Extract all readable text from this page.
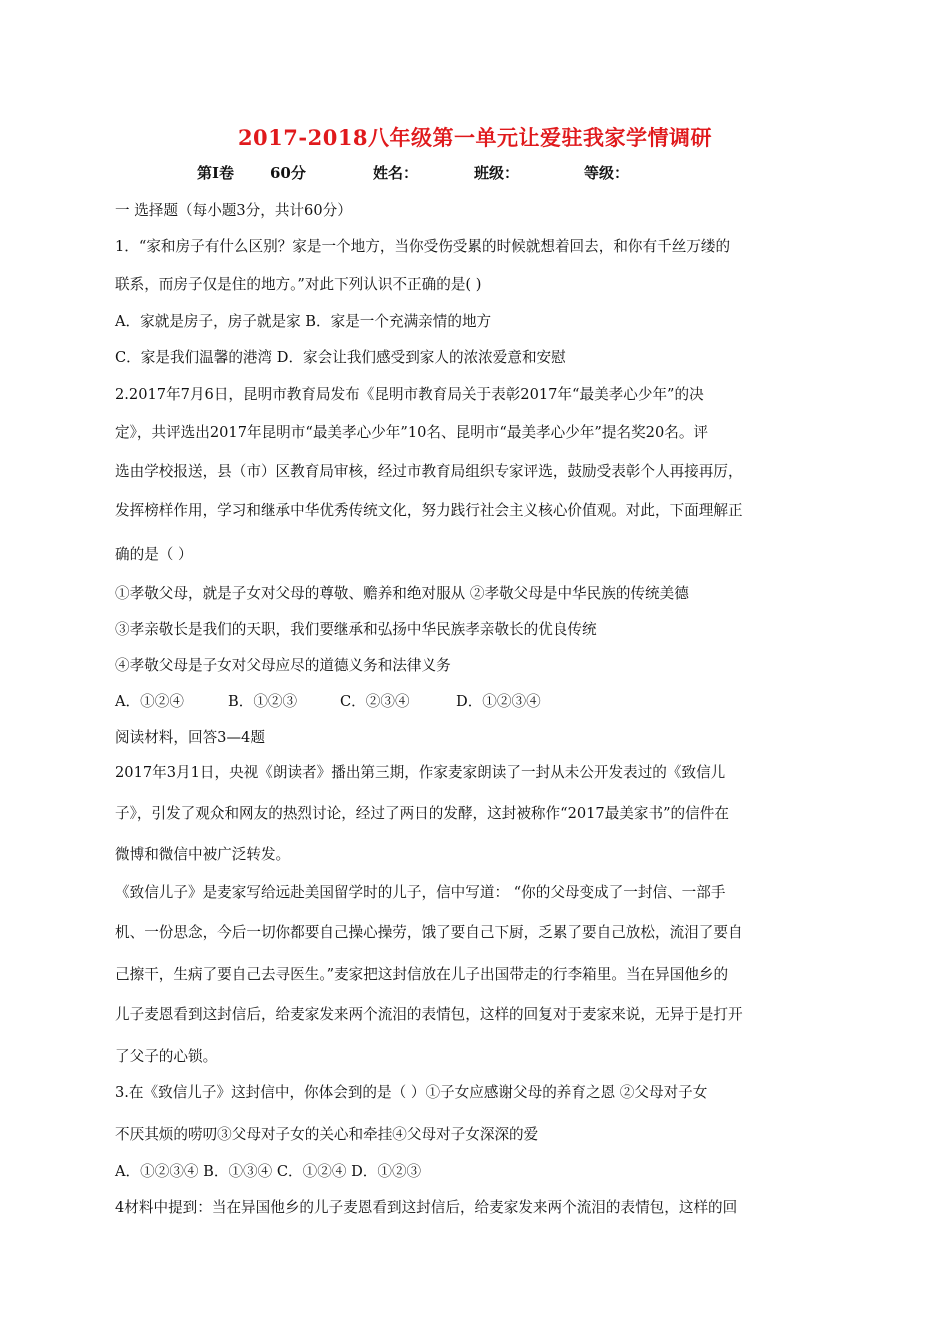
2017-2018八年级第一单元让爱驻我家学情调研

第I卷

60分

	姓名：

	班级：

	等级：

一 选择题（每小题3分，共计60分）
1．“家和房子有什么区别？家是一个地方，当你受伤受累的时候就想着回去，和你有千丝万缕的
联系，而房子仅是住的地方。”对此下列认识不正确的是( )
A．家就是房子，房子就是家 B．家是一个充满亲情的地方
C．家是我们温馨的港湾 D．家会让我们感受到家人的浓浓爱意和安慰
2.2017年7月6日，昆明市教育局发布《昆明市教育局关于表彰2017年“最美孝心少年”的决
定》，共评选出2017年昆明市“最美孝心少年”10名、昆明市“最美孝心少年”提名奖20名。评
选由学校报送，县（市）区教育局审核，经过市教育局组织专家评选，鼓励受表彰个人再接再厉，
发挥榜样作用，学习和继承中华优秀传统文化，努力践行社会主义核心价值观。对此，下面理解正
确的是（ ）
①孝敬父母，就是子女对父母的尊敬、赡养和绝对服从 ②孝敬父母是中华民族的传统美德
③孝亲敬长是我们的天职，我们要继承和弘扬中华民族孝亲敬长的优良传统
④孝敬父母是子女对父母应尽的道德义务和法律义务
A．①②④	B．①②③	C．②③④	D．①②③④
阅读材料，回答3—4题
2017年3月1日，央视《朗读者》播出第三期，作家麦家朗读了一封从未公开发表过的《致信儿
子》，引发了观众和网友的热烈讨论，经过了两日的发酵，这封被称作“2017最美家书”的信件在
微博和微信中被广泛转发。
《致信儿子》是麦家写给远赴美国留学时的儿子，信中写道： “你的父母变成了一封信、一部手
机、一份思念，今后一切你都要自己操心操劳，饿了要自己下厨，乏累了要自己放松，流泪了要自
己擦干，生病了要自己去寻医生。”麦家把这封信放在儿子出国带走的行李箱里。当在异国他乡的
儿子麦恩看到这封信后，给麦家发来两个流泪的表情包，这样的回复对于麦家来说，无异于是打开
了父子的心锁。
3.在《致信儿子》这封信中，你体会到的是（ ）①子女应感谢父母的养育之恩 ②父母对子女
不厌其烦的唠叨③父母对子女的关心和牵挂④父母对子女深深的爱
A．①②③④ B．①③④ C．①②④ D．①②③
4材料中提到：当在异国他乡的儿子麦恩看到这封信后，给麦家发来两个流泪的表情包，这样的回
